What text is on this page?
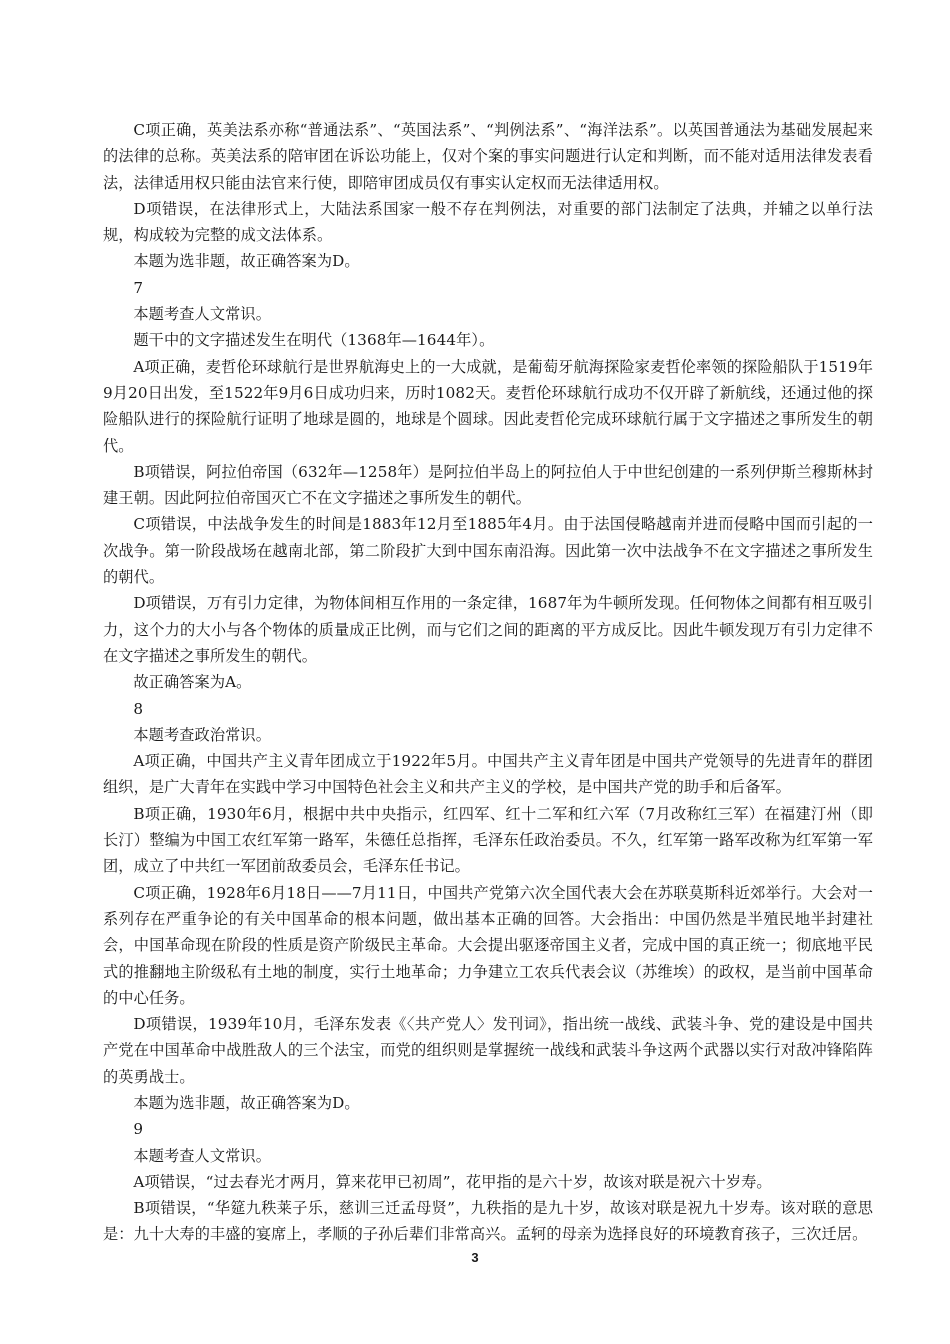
C项正确，英美法系亦称“普通法系”、“英国法系”、“判例法系”、“海洋法系”。以英国普通法为基础发展起来的法律的总称。英美法系的陪审团在诉讼功能上，仅对个案的事实问题进行认定和判断，而不能对适用法律发表看法，法律适用权只能由法官来行使，即陪审团成员仅有事实认定权而无法律适用权。

D项错误，在法律形式上，大陆法系国家一般不存在判例法，对重要的部门法制定了法典，并辅之以单行法规，构成较为完整的成文法体系。

本题为选非题，故正确答案为D。

7

本题考查人文常识。

题干中的文字描述发生在明代（1368年—1644年）。

A项正确，麦哲伦环球航行是世界航海史上的一大成就，是葡萄牙航海探险家麦哲伦率领的探险船队于1519年9月20日出发，至1522年9月6日成功归来，历时1082天。麦哲伦环球航行成功不仅开辟了新航线，还通过他的探险船队进行的探险航行证明了地球是圆的，地球是个圆球。因此麦哲伦完成环球航行属于文字描述之事所发生的朝代。

B项错误，阿拉伯帝国（632年—1258年）是阿拉伯半岛上的阿拉伯人于中世纪创建的一系列伊斯兰穆斯林封建王朝。因此阿拉伯帝国灭亡不在文字描述之事所发生的朝代。

C项错误，中法战争发生的时间是1883年12月至1885年4月。由于法国侵略越南并进而侵略中国而引起的一次战争。第一阶段战场在越南北部，第二阶段扩大到中国东南沿海。因此第一次中法战争不在文字描述之事所发生的朝代。

D项错误，万有引力定律，为物体间相互作用的一条定律，1687年为牛顿所发现。任何物体之间都有相互吸引力，这个力的大小与各个物体的质量成正比例，而与它们之间的距离的平方成反比。因此牛顿发现万有引力定律不在文字描述之事所发生的朝代。

故正确答案为A。

8

本题考查政治常识。

A项正确，中国共产主义青年团成立于1922年5月。中国共产主义青年团是中国共产党领导的先进青年的群团组织，是广大青年在实践中学习中国特色社会主义和共产主义的学校，是中国共产党的助手和后备军。

B项正确，1930年6月，根据中共中央指示，红四军、红十二军和红六军（7月改称红三军）在福建汀州（即长汀）整编为中国工农红军第一路军，朱德任总指挥，毛泽东任政治委员。不久，红军第一路军改称为红军第一军团，成立了中共红一军团前敌委员会，毛泽东任书记。

C项正确，1928年6月18日——7月11日，中国共产党第六次全国代表大会在苏联莫斯科近郊举行。大会对一系列存在严重争论的有关中国革命的根本问题，做出基本正确的回答。大会指出：中国仍然是半殖民地半封建社会，中国革命现在阶段的性质是资产阶级民主革命。大会提出驱逐帝国主义者，完成中国的真正统一；彻底地平民式的推翻地主阶级私有土地的制度，实行土地革命；力争建立工农兵代表会议（苏维埃）的政权，是当前中国革命的中心任务。

D项错误，1939年10月，毛泽东发表《〈共产党人〉发刊词》，指出统一战线、武装斗争、党的建设是中国共产党在中国革命中战胜敌人的三个法宝，而党的组织则是掌握统一战线和武装斗争这两个武器以实行对敌冲锋陷阵的英勇战士。

本题为选非题，故正确答案为D。

9

本题考查人文常识。

A项错误，“过去春光才两月，算来花甲已初周”，花甲指的是六十岁，故该对联是祝六十岁寿。

B项错误，“华筵九秩莱子乐，慈训三迁孟母贤”，九秩指的是九十岁，故该对联是祝九十岁寿。该对联的意思是：九十大寿的丰盛的宴席上，孝顺的子孙后辈们非常高兴。孟轲的母亲为选择良好的环境教育孩子，三次迁居。

3
